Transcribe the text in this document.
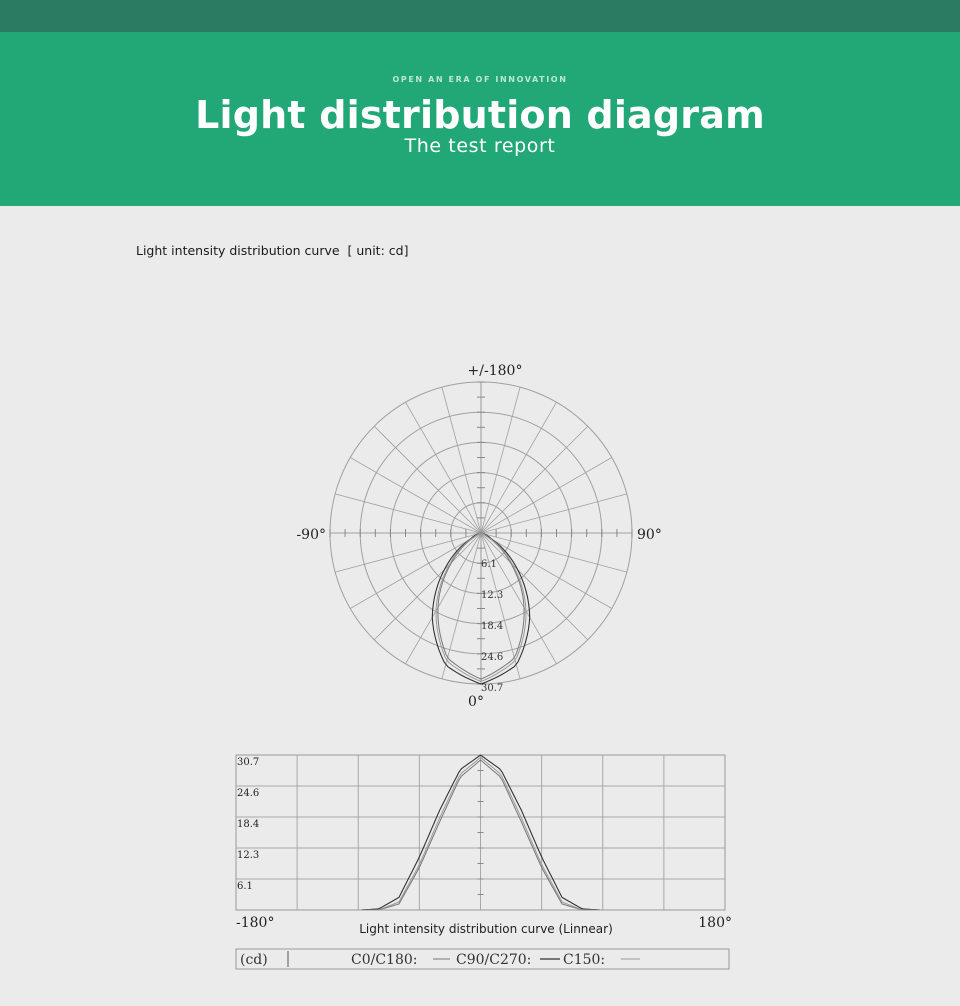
OPEN AN ERA OF INNOVATION
Light distribution diagram
The test report
Light intensity distribution curve  [ unit: cd]
+/-180°
-90°	90°
0°
6.1
12.3
18.4
24.6
30.7
30.7
24.6
18.4
12.3
6.1
-180°	180°
Light intensity distribution curve (Linnear)
(cd)	C0/C180:	C90/C270: C150:
